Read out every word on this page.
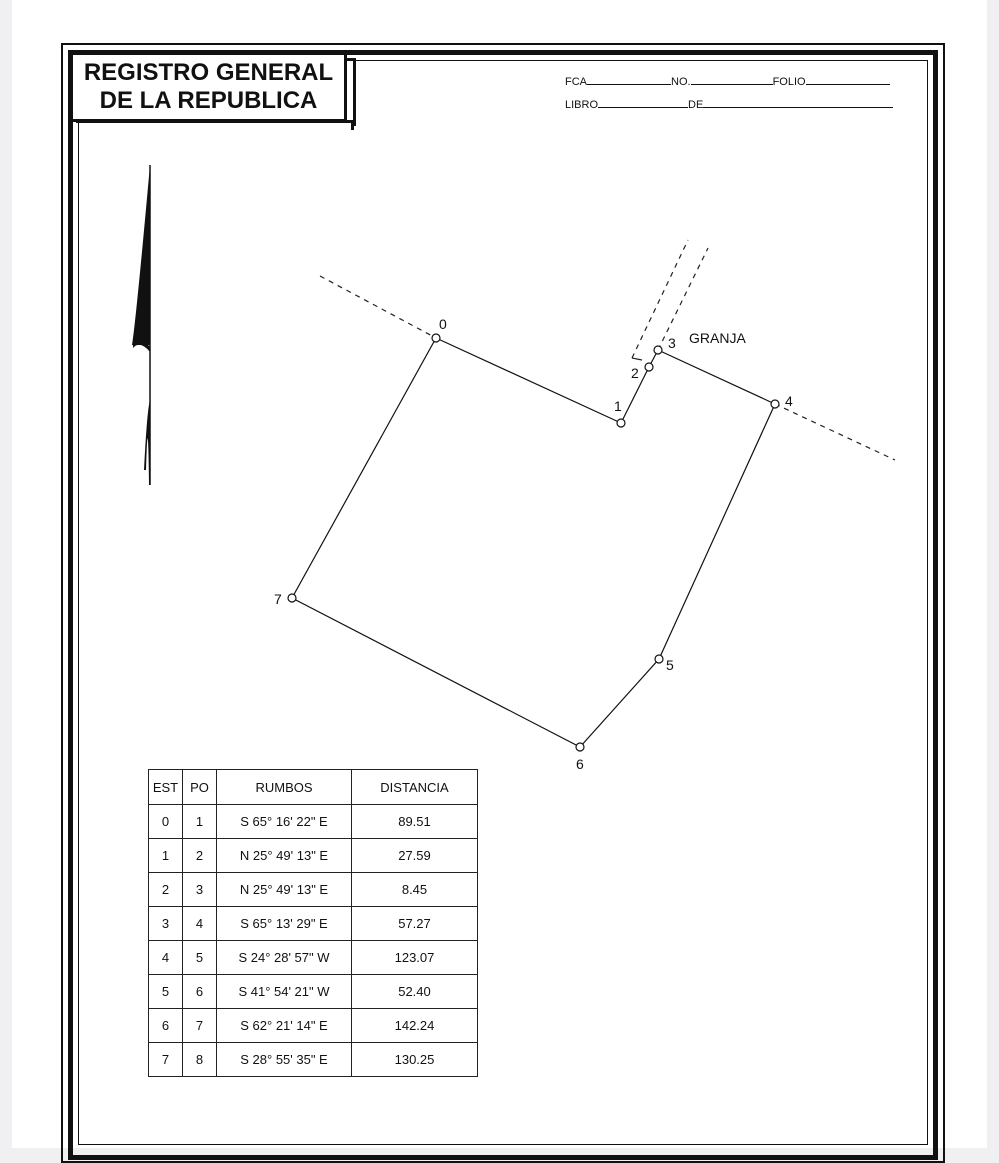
REGISTRO GENERAL
DE LA REPUBLICA
FCA	NO.	FOLIO
LIBRO	DE
0
1
2
3
4
5
6
7
GRANJA
EST	PO	RUMBOS	DISTANCIA
0	1	S 65° 16' 22" E	89.51
1	2	N 25° 49' 13" E	27.59
2	3	N 25° 49' 13" E	8.45
3	4	S 65° 13' 29" E	57.27
4	5	S 24° 28' 57" W	123.07
5	6	S 41° 54' 21" W	52.40
6	7	S 62° 21' 14" E	142.24
7	8	S 28° 55' 35" E	130.25
